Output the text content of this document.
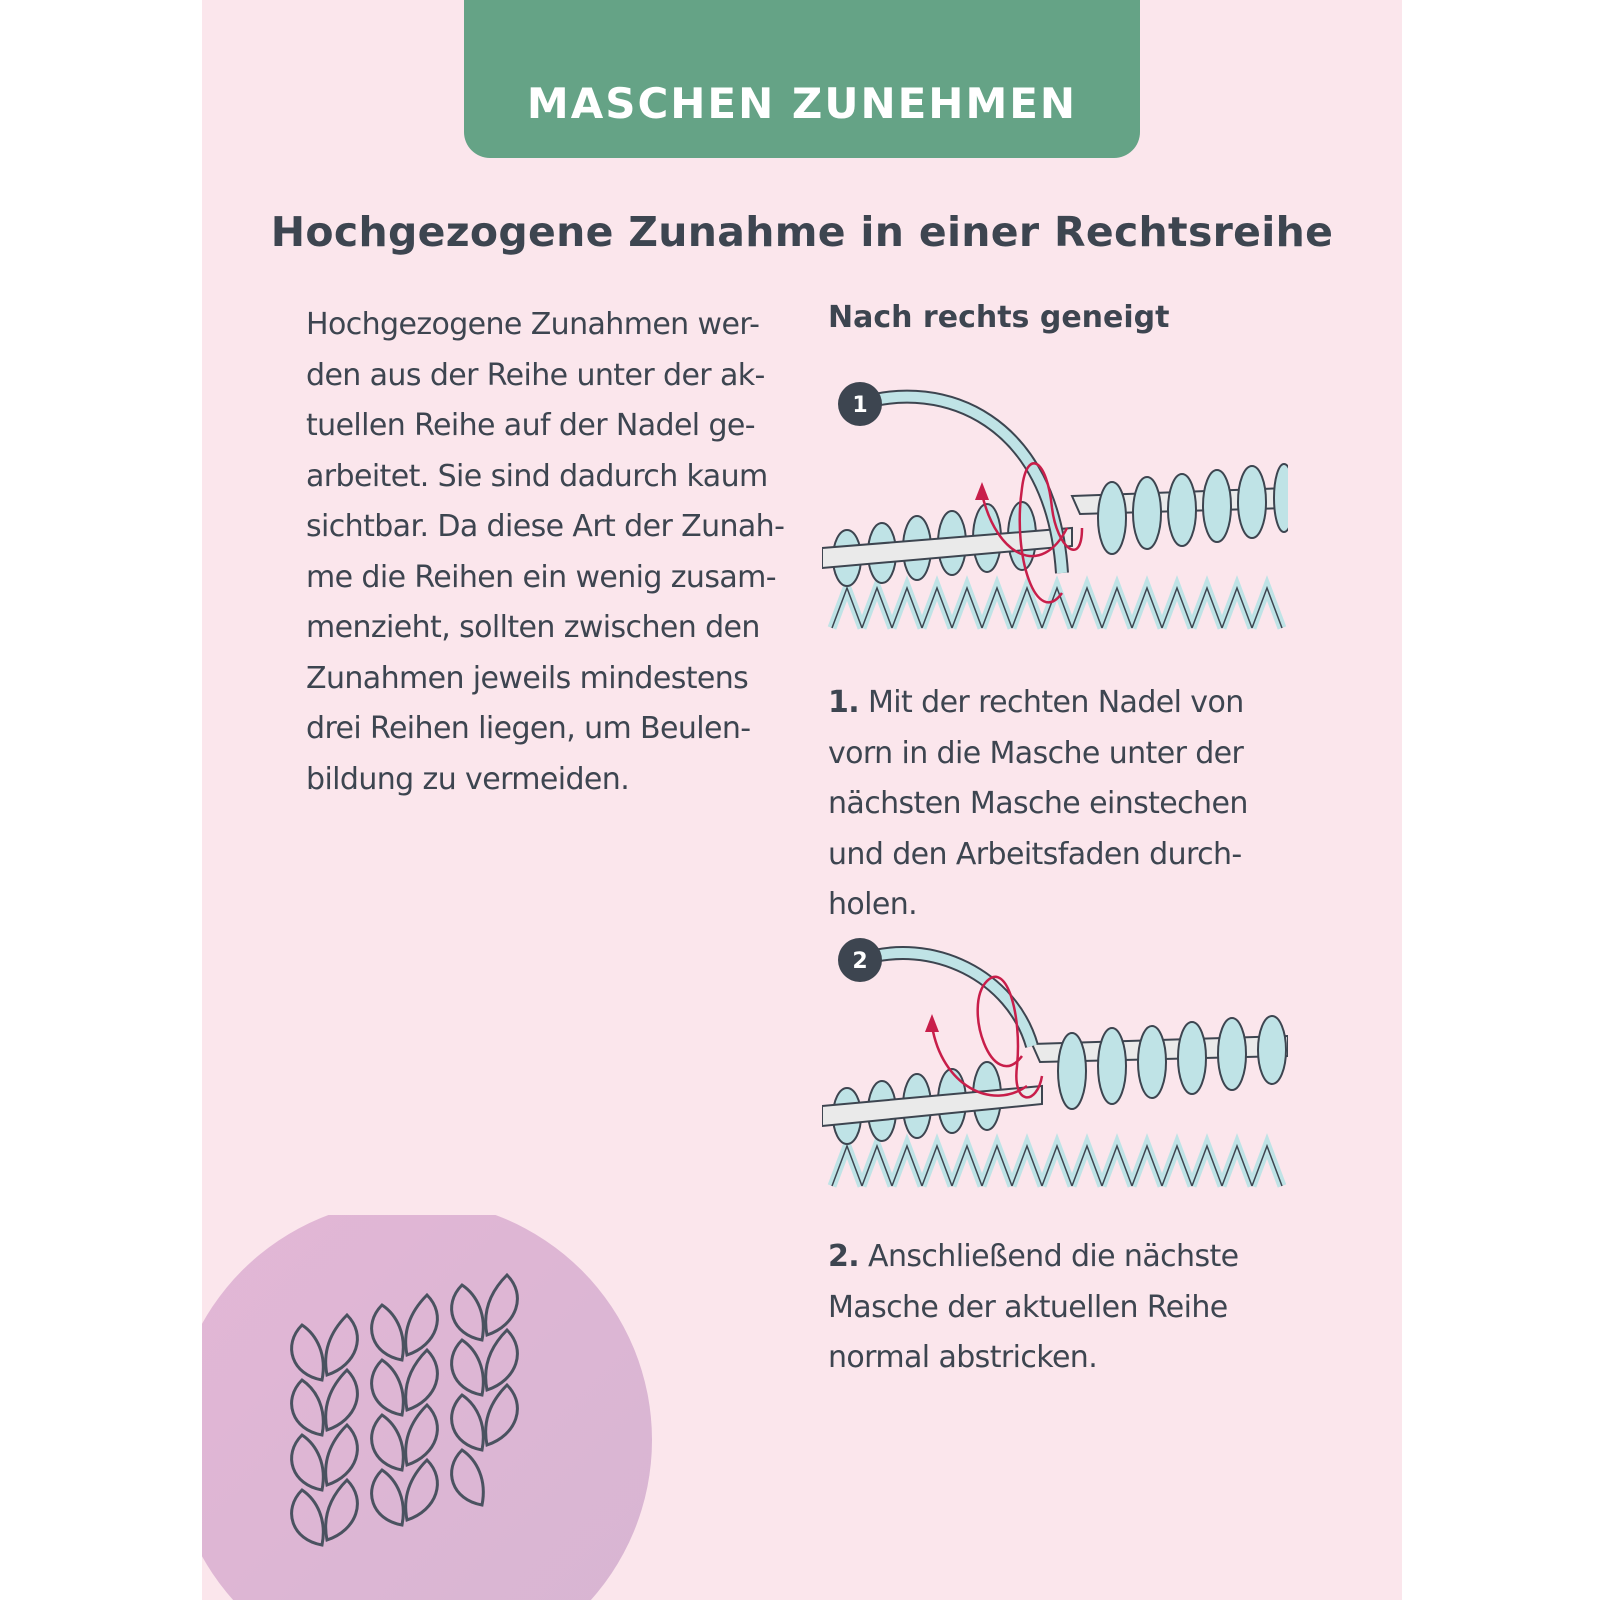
MASCHEN ZUNEHMEN
Hochgezogene Zunahme in einer Rechtsreihe
Hochgezogene Zunahmen wer-
den aus der Reihe unter der ak-
tuellen Reihe auf der Nadel ge-
arbeitet. Sie sind dadurch kaum
sichtbar. Da diese Art der Zunah-
me die Reihen ein wenig zusam-
menzieht, sollten zwischen den
Zunahmen jeweils mindestens
drei Reihen liegen, um Beulen-
bildung zu vermeiden.
Nach rechts geneigt
1
1. Mit der rechten Nadel von
vorn in die Masche unter der
nächsten Masche einstechen
und den Arbeitsfaden durch-
holen.
2
2. Anschließend die nächste
Masche der aktuellen Reihe
normal abstricken.
